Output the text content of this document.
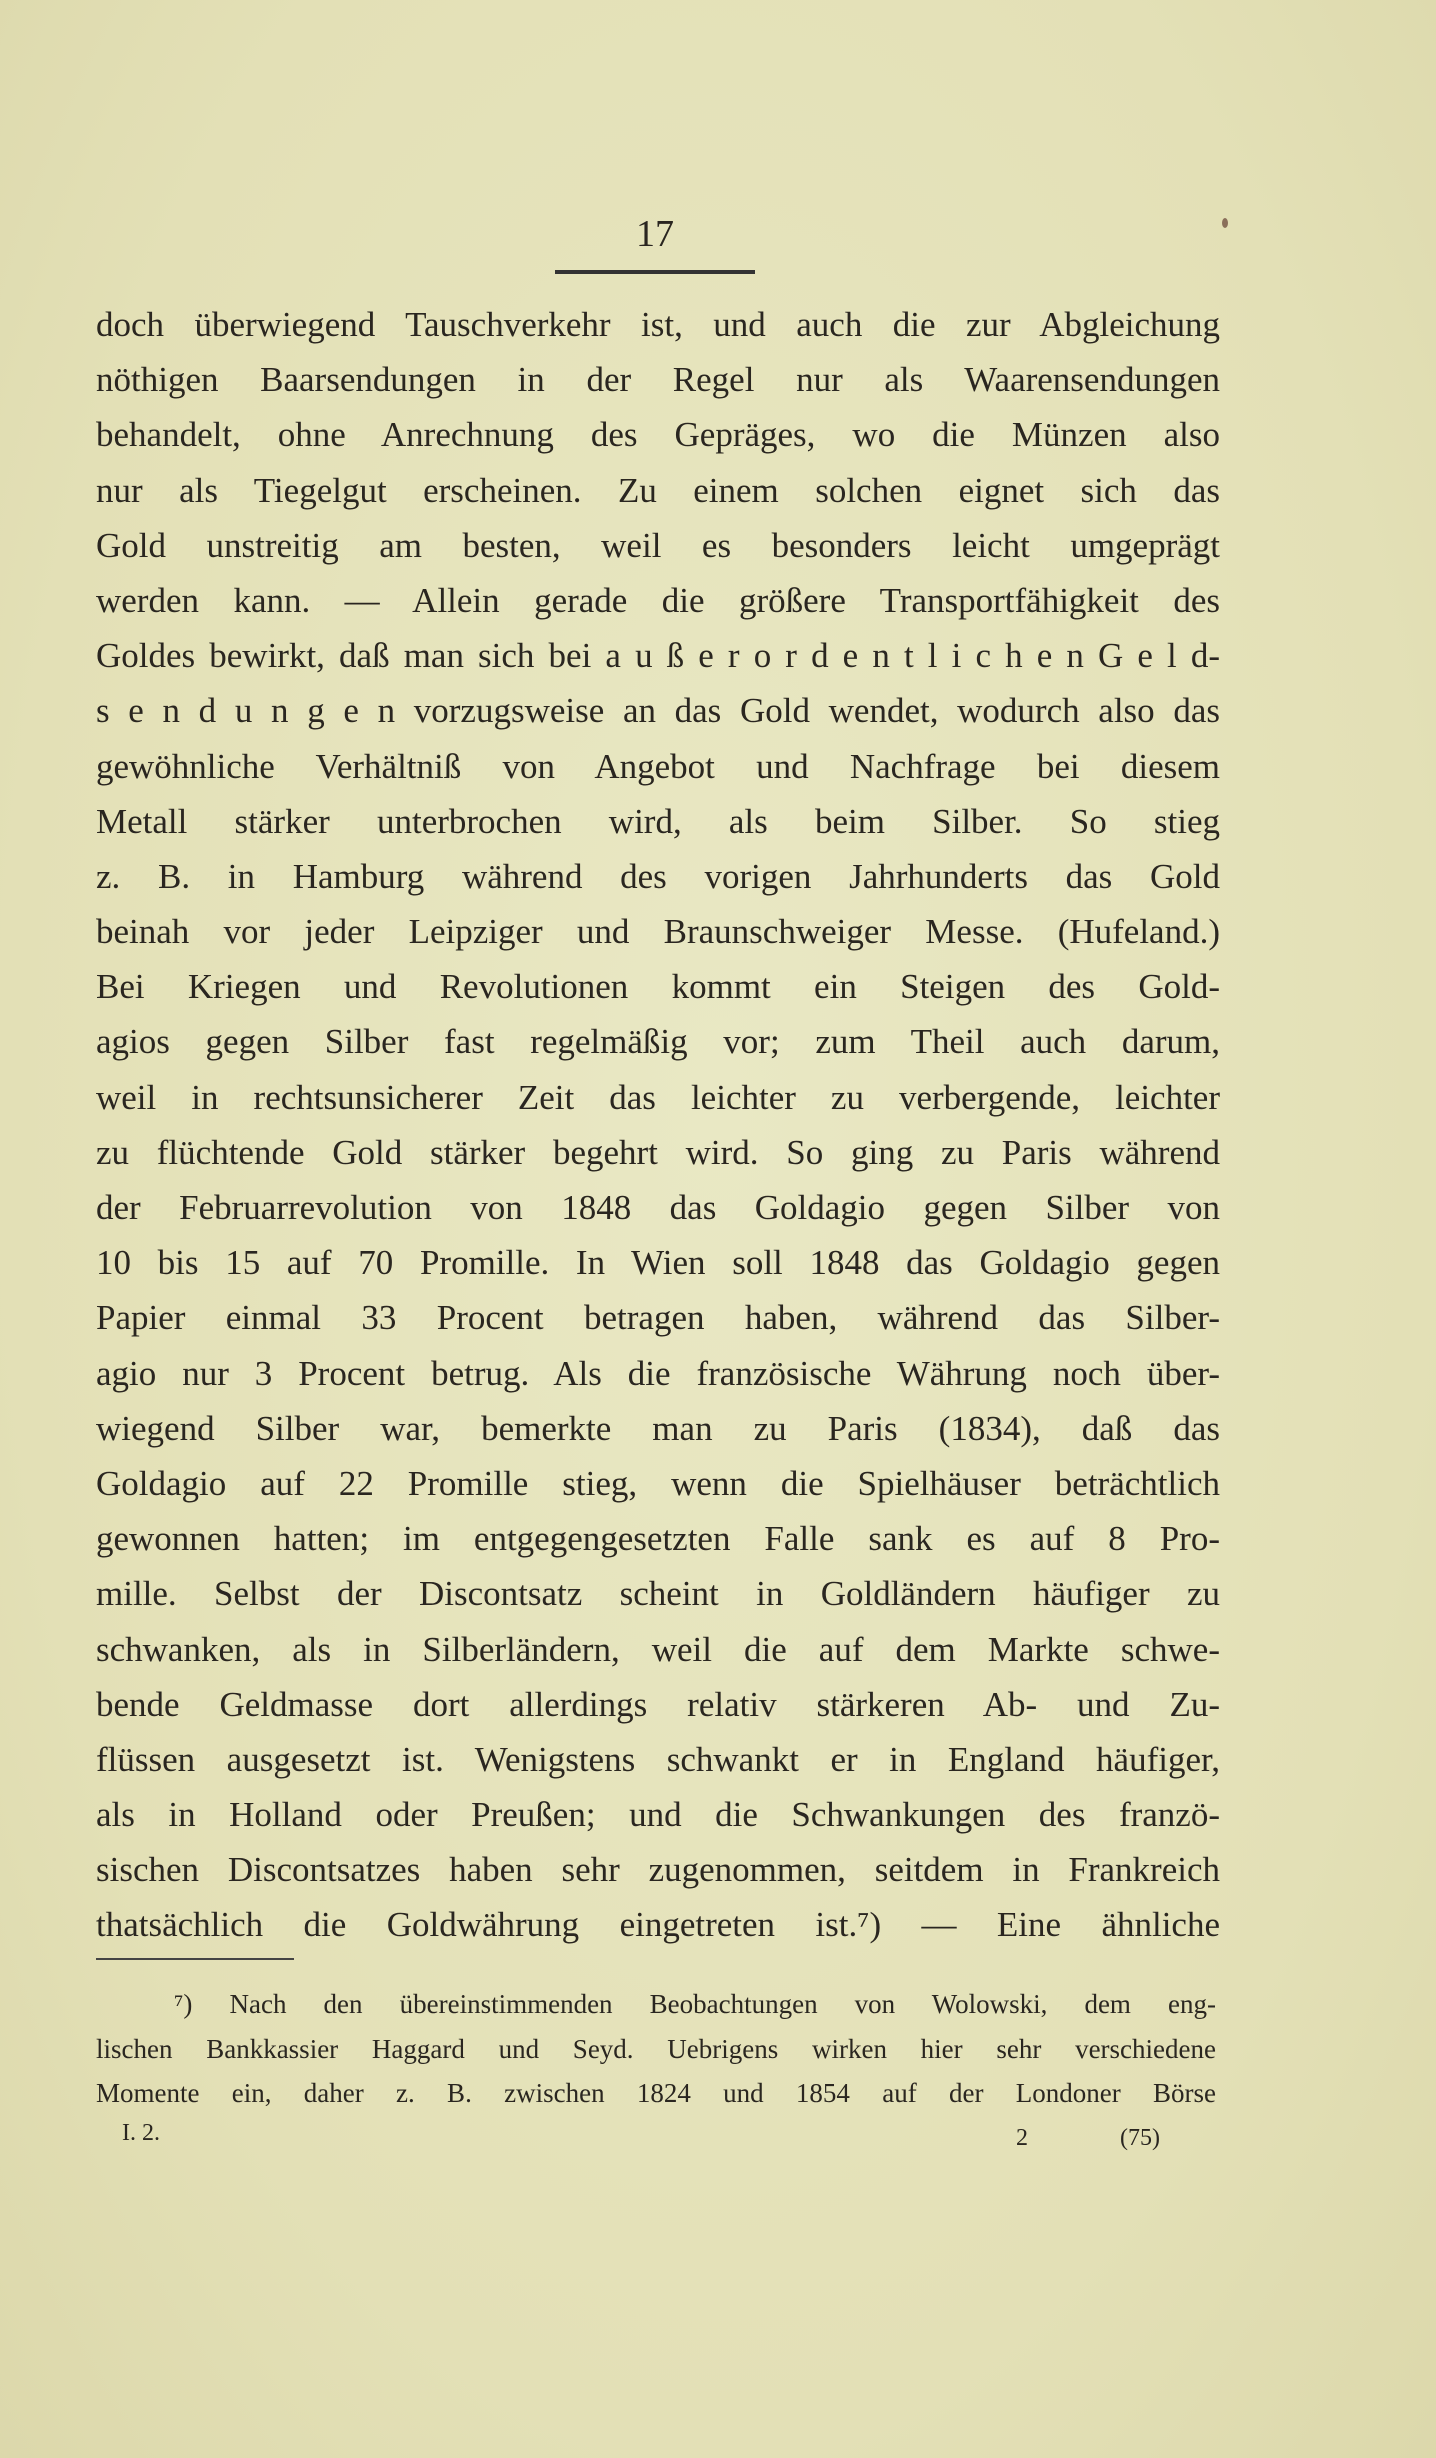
17
doch überwiegend Tauschverkehr ist, und auch die zur Abgleichung
nöthigen Baarsendungen in der Regel nur als Waarensendungen
behandelt, ohne Anrechnung des Gepräges, wo die Münzen also
nur als Tiegelgut erscheinen. Zu einem solchen eignet sich das
Gold unstreitig am besten, weil es besonders leicht umgeprägt
werden kann. — Allein gerade die größere Transportfähigkeit des
Goldes bewirkt, daß man sich bei a u ß e r o r d e n t l i c h e n G e l d-
s e n d u n g e n vorzugsweise an das Gold wendet, wodurch also das
gewöhnliche Verhältniß von Angebot und Nachfrage bei diesem
Metall stärker unterbrochen wird, als beim Silber. So stieg
z. B. in Hamburg während des vorigen Jahrhunderts das Gold
beinah vor jeder Leipziger und Braunschweiger Messe. (Hufeland.)
Bei Kriegen und Revolutionen kommt ein Steigen des Gold-
agios gegen Silber fast regelmäßig vor; zum Theil auch darum,
weil in rechtsunsicherer Zeit das leichter zu verbergende, leichter
zu flüchtende Gold stärker begehrt wird. So ging zu Paris während
der Februarrevolution von 1848 das Goldagio gegen Silber von
10 bis 15 auf 70 Promille. In Wien soll 1848 das Goldagio gegen
Papier einmal 33 Procent betragen haben, während das Silber-
agio nur 3 Procent betrug. Als die französische Währung noch über-
wiegend Silber war, bemerkte man zu Paris (1834), daß das
Goldagio auf 22 Promille stieg, wenn die Spielhäuser beträchtlich
gewonnen hatten; im entgegengesetzten Falle sank es auf 8 Pro-
mille. Selbst der Discontsatz scheint in Goldländern häufiger zu
schwanken, als in Silberländern, weil die auf dem Markte schwe-
bende Geldmasse dort allerdings relativ stärkeren Ab- und Zu-
flüssen ausgesetzt ist. Wenigstens schwankt er in England häufiger,
als in Holland oder Preußen; und die Schwankungen des franzö-
sischen Discontsatzes haben sehr zugenommen, seitdem in Frankreich
thatsächlich die Goldwährung eingetreten ist.⁷) — Eine ähnliche
⁷) Nach den übereinstimmenden Beobachtungen von Wolowski, dem eng-
lischen Bankkassier Haggard und Seyd. Uebrigens wirken hier sehr verschiedene
Momente ein, daher z. B. zwischen 1824 und 1854 auf der Londoner Börse
I. 2.	2	(75)
